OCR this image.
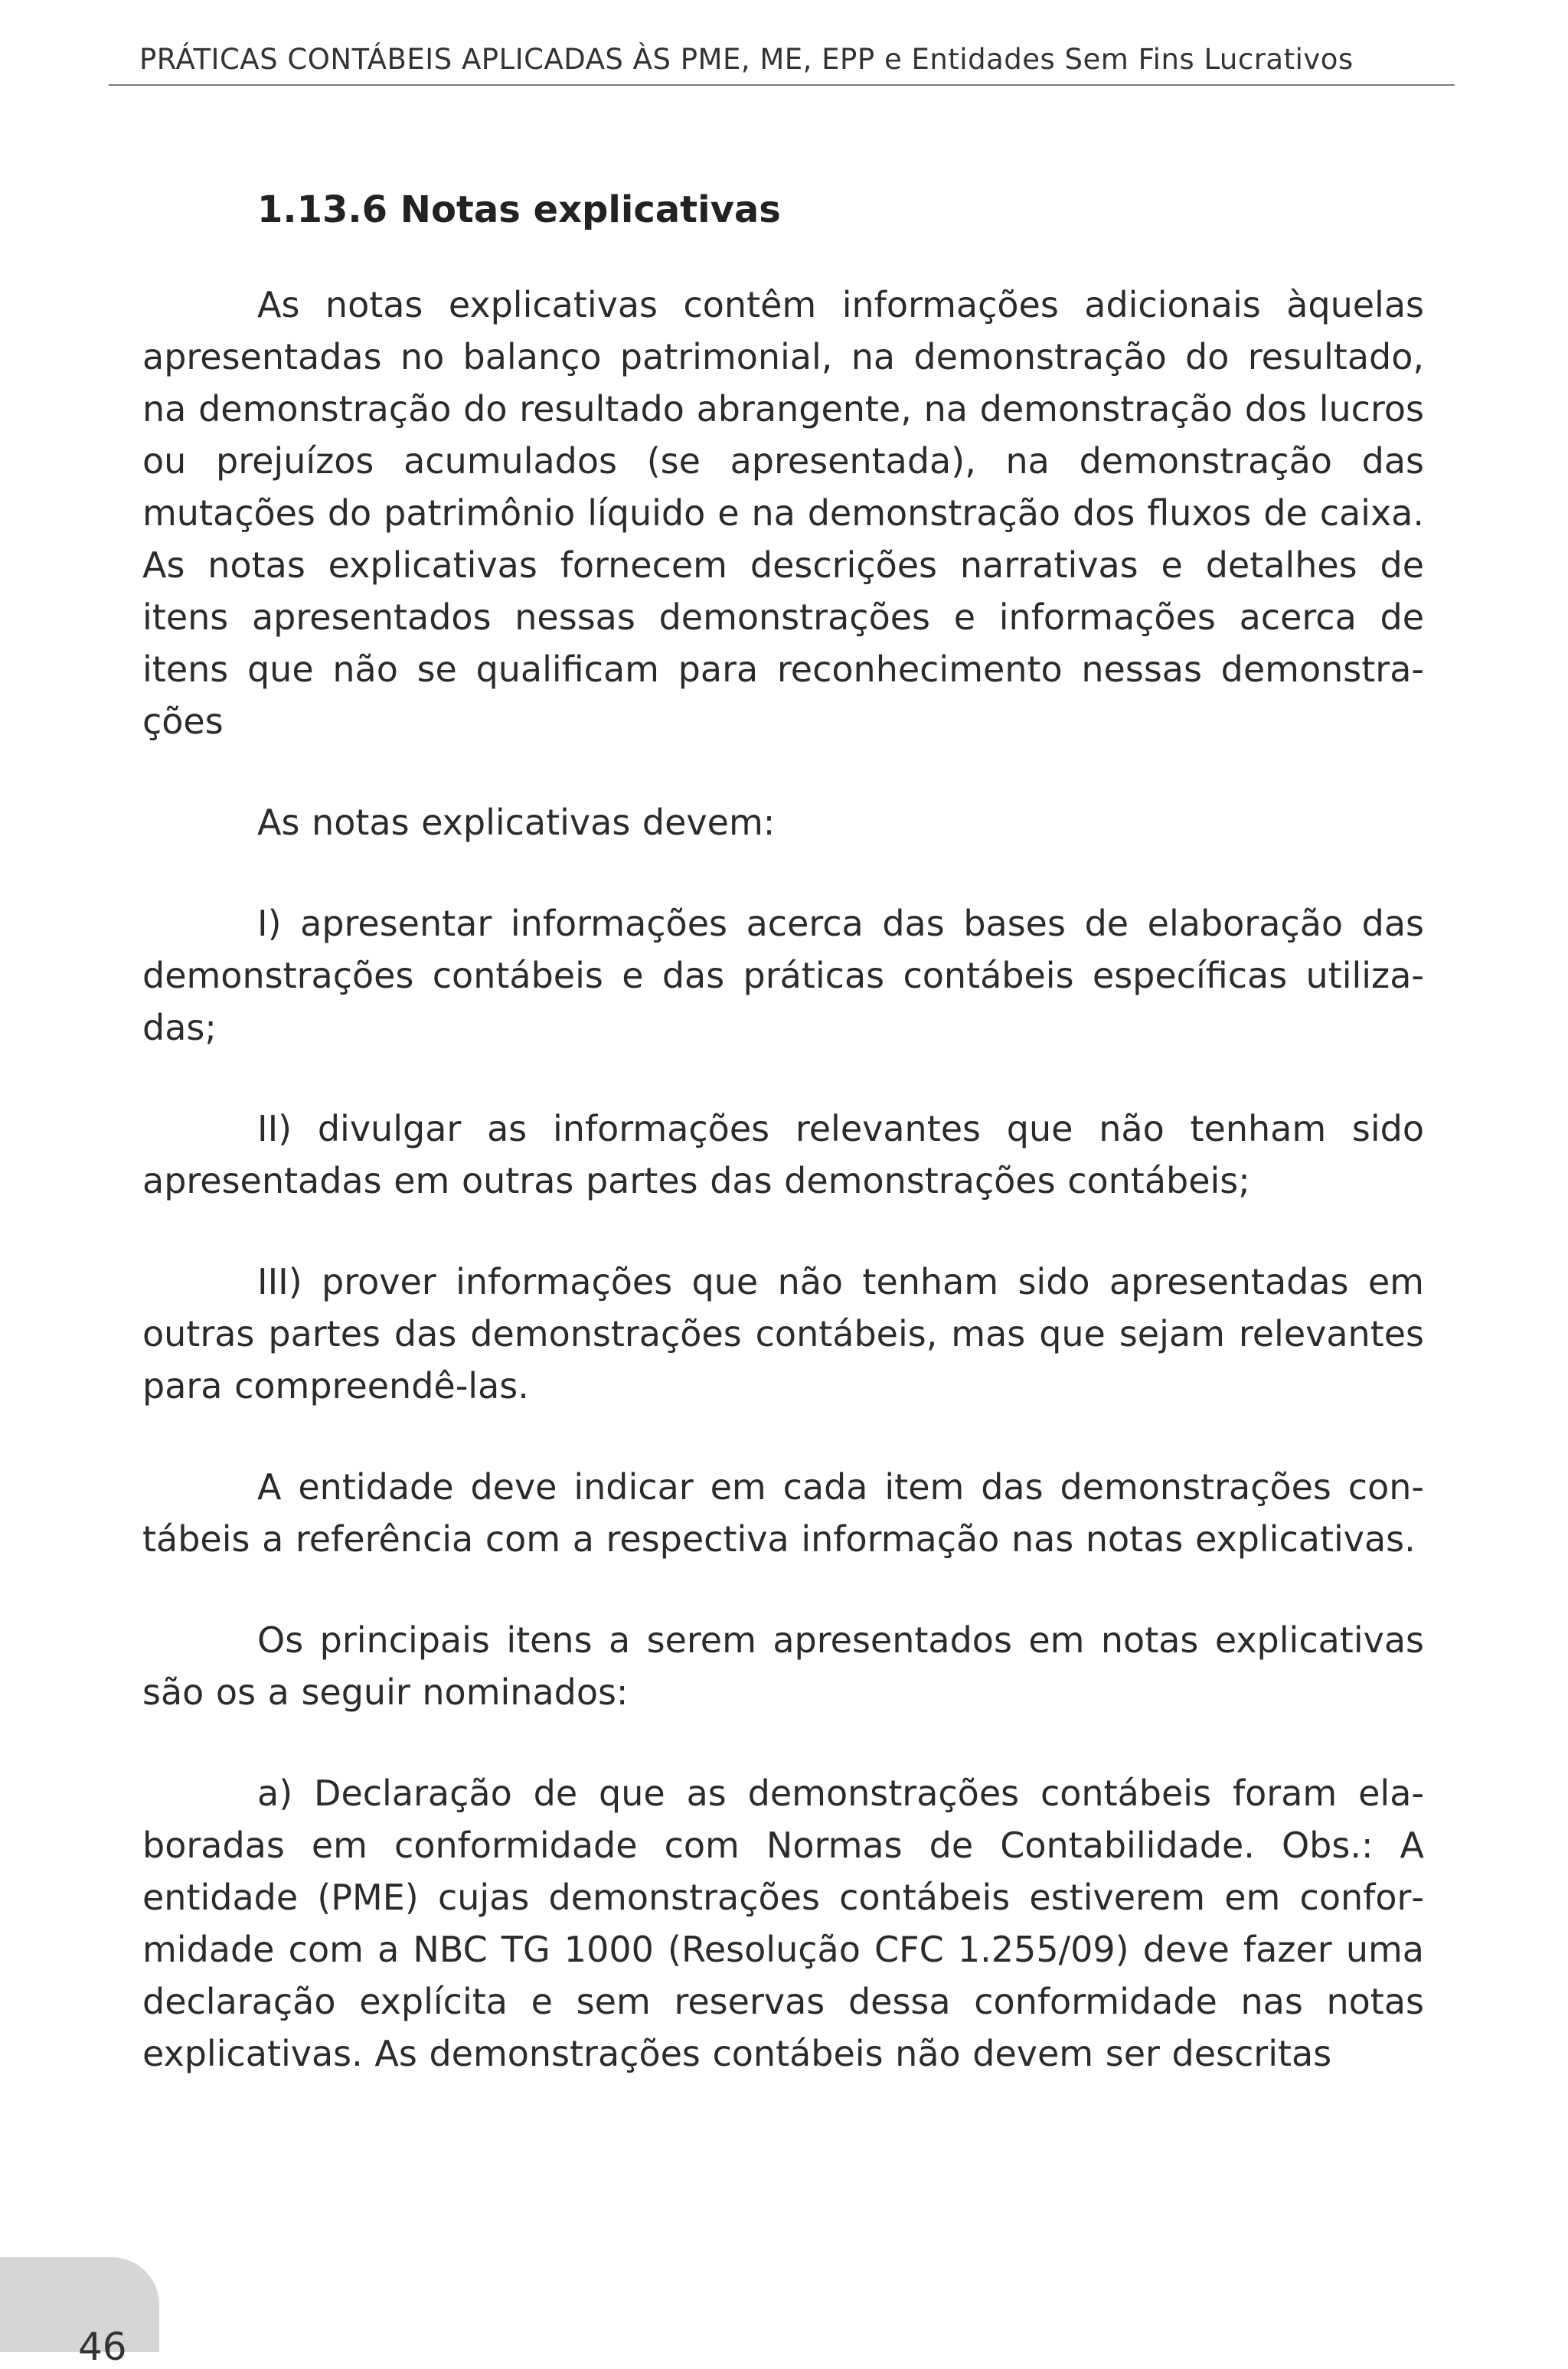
PRÁTICAS CONTÁBEIS APLICADAS ÀS PME, ME, EPP e Entidades Sem Fins Lucrativos
1.13.6 Notas explicativas

As notas explicativas contêm informações adicionais àquelas apresentadas no balanço patrimonial, na demonstração do resultado, na demonstração do resultado abrangente, na demonstração dos lucros ou prejuízos acumulados (se apresentada), na demonstração das mutações do patrimônio líquido e na demonstração dos fluxos de caixa. As notas explicativas fornecem descrições narrativas e detalhes de itens apresentados nessas demonstrações e informações acerca de itens que não se qualificam para reconhecimento nessas demonstrações

As notas explicativas devem:

I) apresentar informações acerca das bases de elaboração das demonstrações contábeis e das práticas contábeis específicas utilizadas;

II) divulgar as informações relevantes que não tenham sido apresentadas em outras partes das demonstrações contábeis;

III) prover informações que não tenham sido apresentadas em outras partes das demonstrações contábeis, mas que sejam relevantes para compreendê-las.

A entidade deve indicar em cada item das demonstrações contábeis a referência com a respectiva informação nas notas explicativas.

Os principais itens a serem apresentados em notas explicativas são os a seguir nominados:

a) Declaração de que as demonstrações contábeis foram elaboradas em conformidade com Normas de Contabilidade. Obs.: A entidade (PME) cujas demonstrações contábeis estiverem em conformidade com a NBC TG 1000 (Resolução CFC 1.255/09) deve fazer uma declaração explícita e sem reservas dessa conformidade nas notas explicativas. As demonstrações contábeis não devem ser descritas

46
